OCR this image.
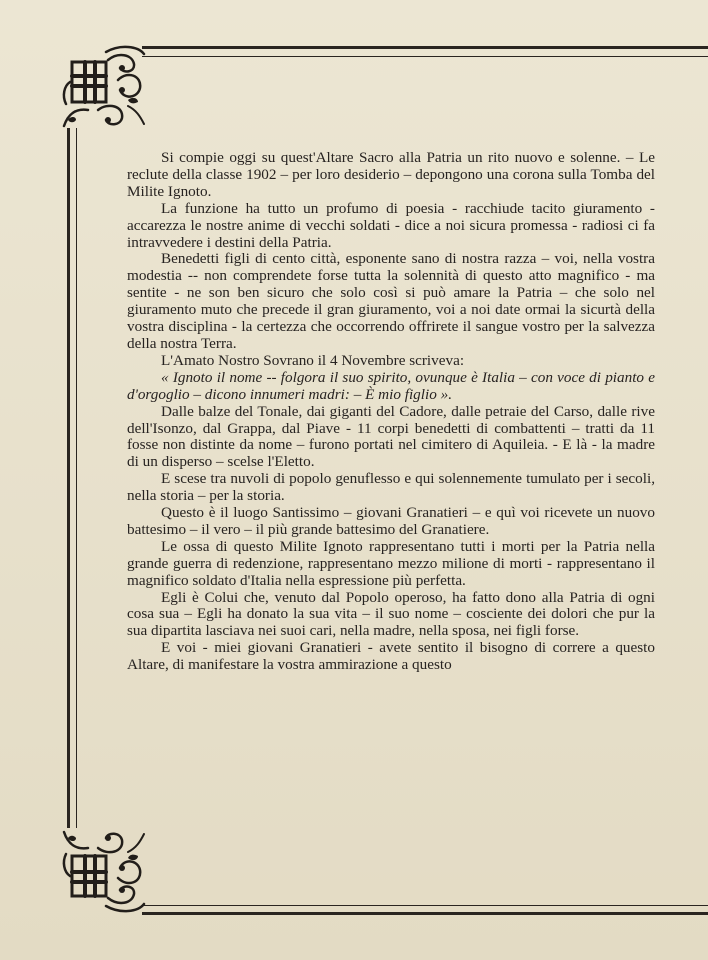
Si compie oggi su quest'Altare Sacro alla Patria un rito nuovo e solenne. – Le reclute della classe 1902 – per loro desiderio – depongono una corona sulla Tomba del Milite Ignoto.

La funzione ha tutto un profumo di poesia - racchiude tacito giuramento - accarezza le nostre anime di vecchi soldati - dice a noi sicura promessa - radiosi ci fa intravvedere i destini della Patria.

Benedetti figli di cento città, esponente sano di nostra razza – voi, nella vostra modestia -- non comprendete forse tutta la solennità di questo atto magnifico - ma sentite - ne son ben sicuro che solo così si può amare la Patria – che solo nel giuramento muto che precede il gran giuramento, voi a noi date ormai la sicurtà della vostra disciplina - la certezza che occorrendo offrirete il sangue vostro per la salvezza della nostra Terra.

L'Amato Nostro Sovrano il 4 Novembre scriveva:

« Ignoto il nome -- folgora il suo spirito, ovunque è Italia – con voce di pianto e d'orgoglio – dicono innumeri madri: – È mio figlio ».

Dalle balze del Tonale, dai giganti del Cadore, dalle petraie del Carso, dalle rive dell'Isonzo, dal Grappa, dal Piave - 11 corpi benedetti di combattenti – tratti da 11 fosse non distinte da nome – furono portati nel cimitero di Aquileia. - E là - la madre di un disperso – scelse l'Eletto.

E scese tra nuvoli di popolo genuflesso e qui solennemente tumulato per i secoli, nella storia – per la storia.

Questo è il luogo Santissimo – giovani Granatieri – e quì voi ricevete un nuovo battesimo – il vero – il più grande battesimo del Granatiere.

Le ossa di questo Milite Ignoto rappresentano tutti i morti per la Patria nella grande guerra di redenzione, rappresentano mezzo milione di morti - rappresentano il magnifico soldato d'Italia nella espressione più perfetta.

Egli è Colui che, venuto dal Popolo operoso, ha fatto dono alla Patria di ogni cosa sua – Egli ha donato la sua vita – il suo nome – cosciente dei dolori che pur la sua dipartita lasciava nei suoi cari, nella madre, nella sposa, nei figli forse.

E voi - miei giovani Granatieri - avete sentito il bisogno di correre a questo Altare, di manifestare la vostra ammirazione a questo
